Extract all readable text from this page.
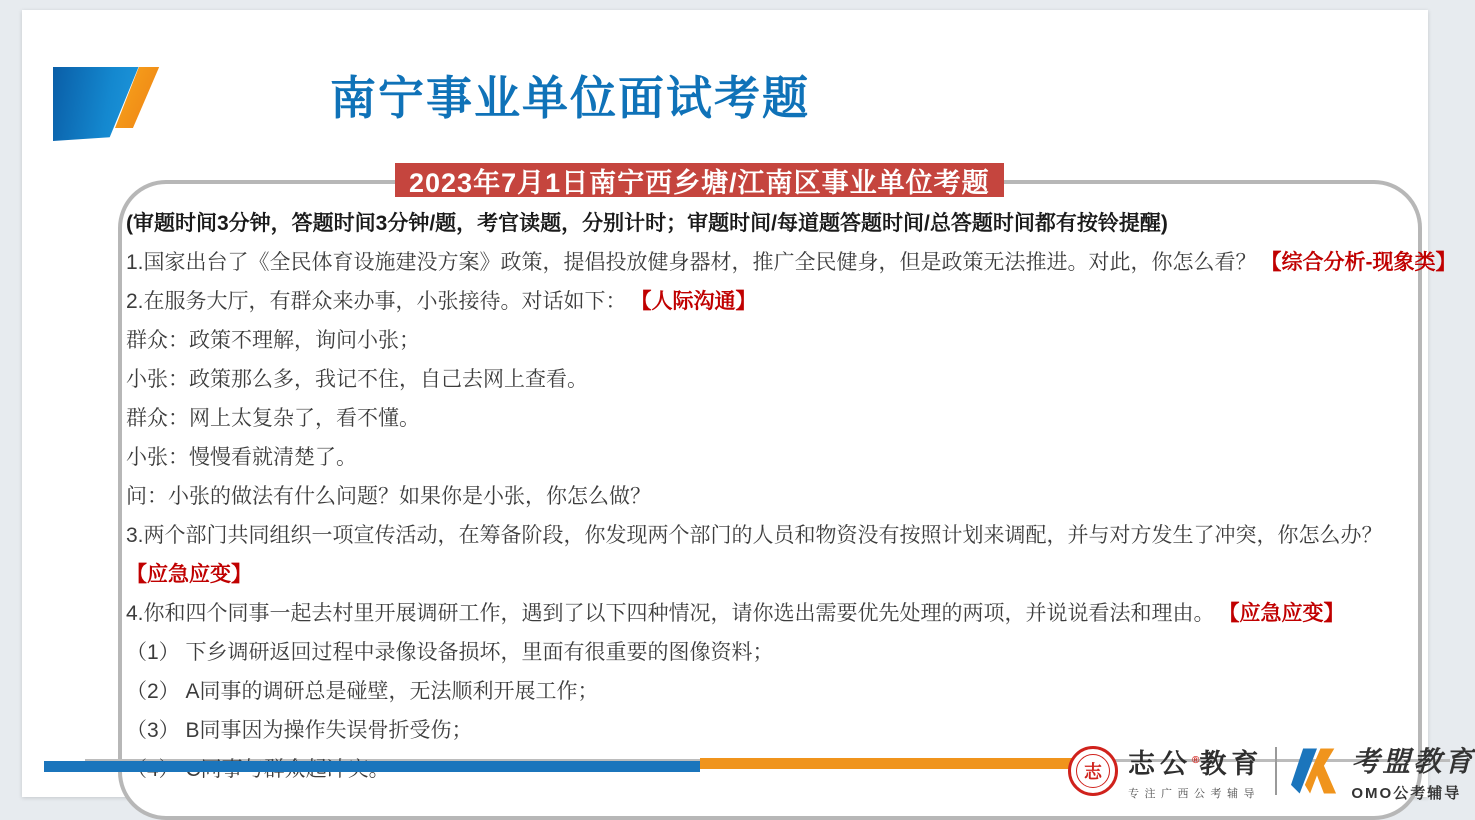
南宁事业单位面试考题
2023年7月1日南宁西乡塘/江南区事业单位考题
(审题时间3分钟，答题时间3分钟/题，考官读题，分别计时；审题时间/每道题答题时间/总答题时间都有按铃提醒)
1.国家出台了《全民体育设施建没方案》政策，提倡投放健身器材，推广全民健身，但是政策无法推进。对此，你怎么看？ 【综合分析-现象类】
2.在服务大厅，有群众来办事，小张接待。对话如下： 【人际沟通】
群众：政策不理解，询问小张；
小张：政策那么多，我记不住，自己去网上查看。
群众：网上太复杂了，看不懂。
小张：慢慢看就清楚了。
问：小张的做法有什么问题？如果你是小张，你怎么做？
3.两个部门共同组织一项宣传活动，在筹备阶段，你发现两个部门的人员和物资没有按照计划来调配，并与对方发生了冲突，你怎么办？
【应急应变】
4.你和四个同事一起去村里开展调研工作，遇到了以下四种情况，请你选出需要优先处理的两项，并说说看法和理由。 【应急应变】
（1） 下乡调研返回过程中录像设备损坏，里面有很重要的图像资料；
（2） A同事的调研总是碰壁，无法顺利开展工作；
（3） B同事因为操作失误骨折受伤；
志 志公®教育
专注广西公考辅导
考盟教育
OMO公考辅导
